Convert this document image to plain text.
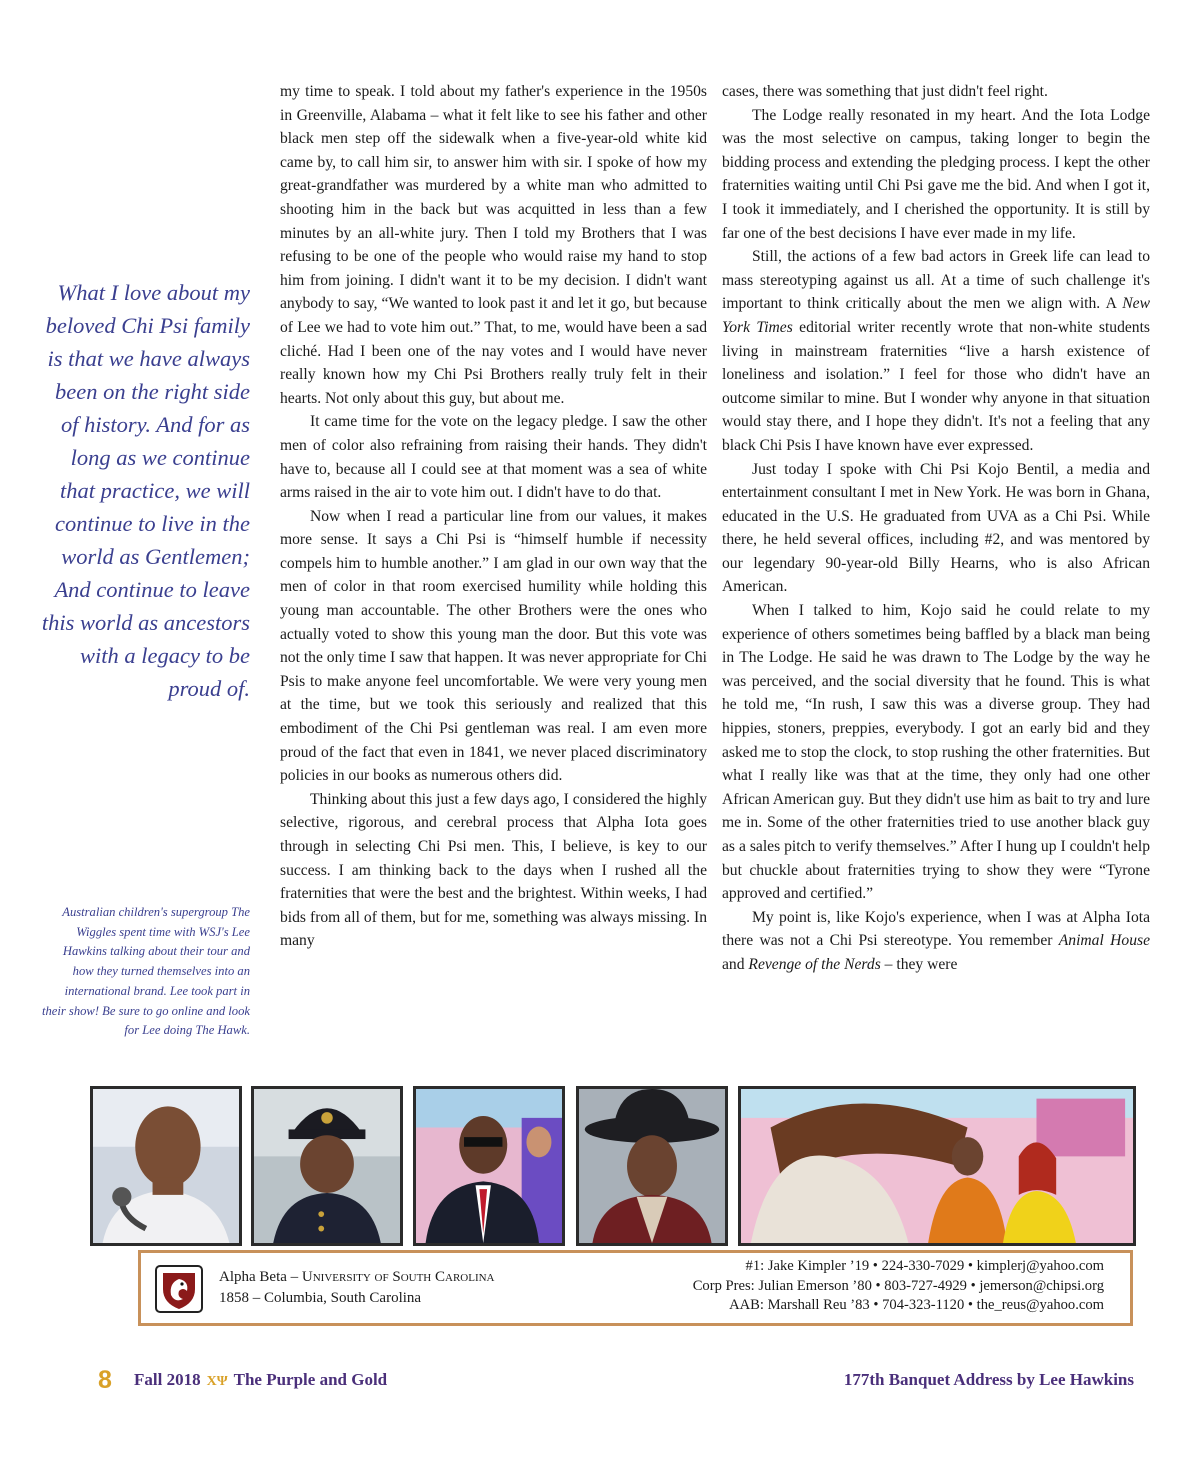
What I love about my beloved Chi Psi family is that we have always been on the right side of history. And for as long as we continue that practice, we will continue to live in the world as Gentlemen; And continue to leave this world as ancestors with a legacy to be proud of.
Australian children's supergroup The Wiggles spent time with WSJ's Lee Hawkins talking about their tour and how they turned themselves into an international brand. Lee took part in their show! Be sure to go online and look for Lee doing The Hawk.

my time to speak. I told about my father's experience in the 1950s in Greenville, Alabama – what it felt like to see his father and other black men step off the sidewalk when a five-year-old white kid came by, to call him sir, to answer him with sir. I spoke of how my great-grandfather was murdered by a white man who admitted to shooting him in the back but was acquitted in less than a few minutes by an all-white jury. Then I told my Brothers that I was refusing to be one of the people who would raise my hand to stop him from joining. I didn't want it to be my decision. I didn't want anybody to say, “We wanted to look past it and let it go, but because of Lee we had to vote him out.” That, to me, would have been a sad cliché. Had I been one of the nay votes and I would have never really known how my Chi Psi Brothers really truly felt in their hearts. Not only about this guy, but about me.

It came time for the vote on the legacy pledge. I saw the other men of color also refraining from raising their hands. They didn't have to, because all I could see at that moment was a sea of white arms raised in the air to vote him out. I didn't have to do that.

Now when I read a particular line from our values, it makes more sense. It says a Chi Psi is “himself humble if necessity compels him to humble another.” I am glad in our own way that the men of color in that room exercised humility while holding this young man accountable. The other Brothers were the ones who actually voted to show this young man the door. But this vote was not the only time I saw that happen. It was never appropriate for Chi Psis to make anyone feel uncomfortable. We were very young men at the time, but we took this seriously and realized that this embodiment of the Chi Psi gentleman was real. I am even more proud of the fact that even in 1841, we never placed discriminatory policies in our books as numerous others did.

Thinking about this just a few days ago, I considered the highly selective, rigorous, and cerebral process that Alpha Iota goes through in selecting Chi Psi men. This, I believe, is key to our success. I am thinking back to the days when I rushed all the fraternities that were the best and the brightest. Within weeks, I had bids from all of them, but for me, something was always missing. In many

cases, there was something that just didn't feel right.

The Lodge really resonated in my heart. And the Iota Lodge was the most selective on campus, taking longer to begin the bidding process and extending the pledging process. I kept the other fraternities waiting until Chi Psi gave me the bid. And when I got it, I took it immediately, and I cherished the opportunity. It is still by far one of the best decisions I have ever made in my life.

Still, the actions of a few bad actors in Greek life can lead to mass stereotyping against us all. At a time of such challenge it's important to think critically about the men we align with. A New York Times editorial writer recently wrote that non-white students living in mainstream fraternities “live a harsh existence of loneliness and isolation.” I feel for those who didn't have an outcome similar to mine. But I wonder why anyone in that situation would stay there, and I hope they didn't. It's not a feeling that any black Chi Psis I have known have ever expressed.

Just today I spoke with Chi Psi Kojo Bentil, a media and entertainment consultant I met in New York. He was born in Ghana, educated in the U.S. He graduated from UVA as a Chi Psi. While there, he held several offices, including #2, and was mentored by our legendary 90-year-old Billy Hearns, who is also African American.

When I talked to him, Kojo said he could relate to my experience of others sometimes being baffled by a black man being in The Lodge. He said he was drawn to The Lodge by the way he was perceived, and the social diversity that he found. This is what he told me, “In rush, I saw this was a diverse group. They had hippies, stoners, preppies, everybody. I got an early bid and they asked me to stop the clock, to stop rushing the other fraternities. But what I really like was that at the time, they only had one other African American guy. But they didn't use him as bait to try and lure me in. Some of the other fraternities tried to use another black guy as a sales pitch to verify themselves.” After I hung up I couldn't help but chuckle about fraternities trying to show they were “Tyrone approved and certified.”

My point is, like Kojo's experience, when I was at Alpha Iota there was not a Chi Psi stereotype. You remember Animal House and Revenge of the Nerds – they were

Alpha Beta – University of South Carolina
1858 – Columbia, South Carolina
#1: Jake Kimpler ’19 • 224-330-7029 • kimplerj@yahoo.com
Corp Pres: Julian Emerson ’80 • 803-727-4929 • jemerson@chipsi.org
AAB: Marshall Reu ’83 • 704-323-1120 • the_reus@yahoo.com
8 Fall 2018 ΧΨ The Purple and Gold	177th Banquet Address by Lee Hawkins
